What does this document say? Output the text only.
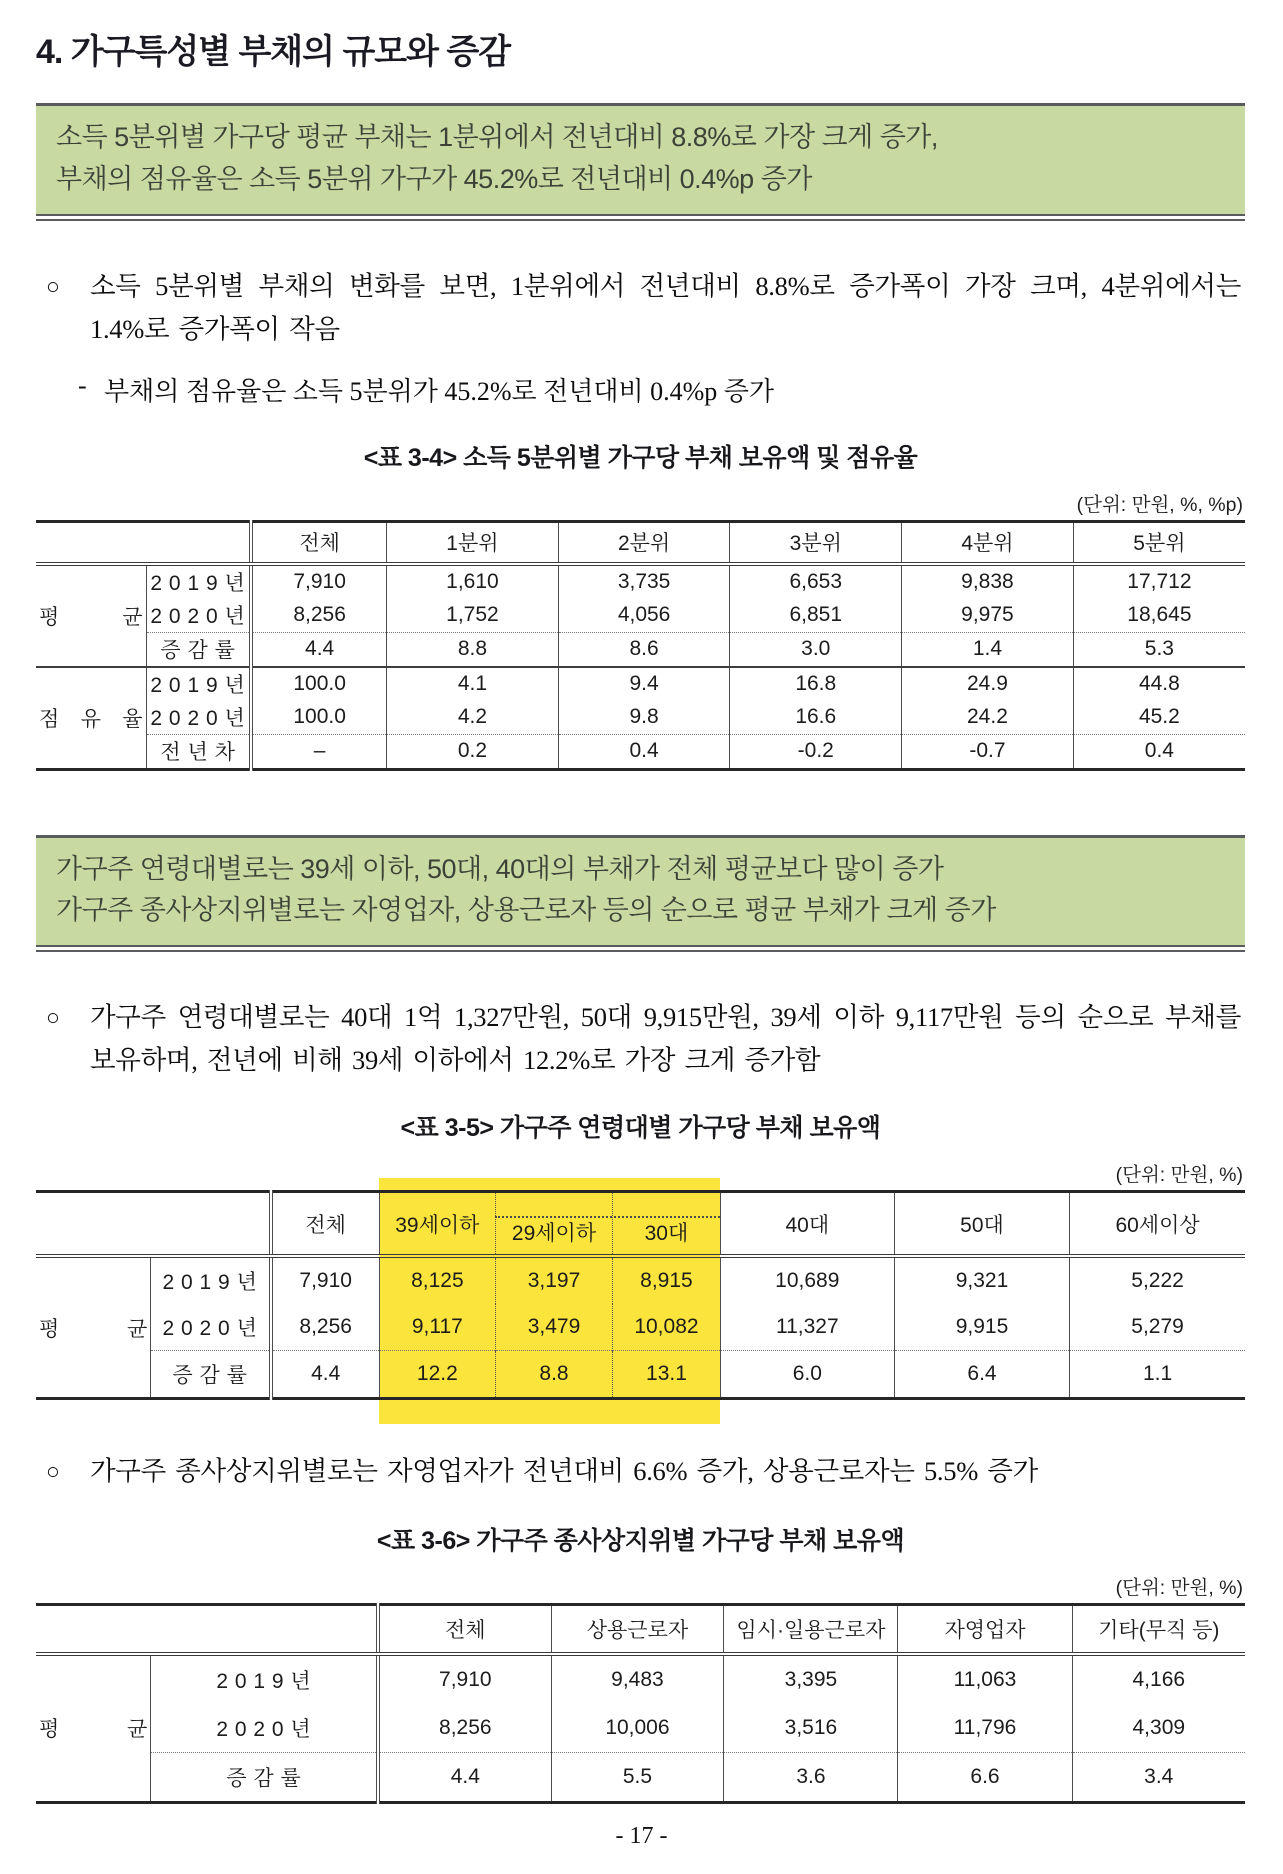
4. 가구특성별 부채의 규모와 증감
소득 5분위별 가구당 평균 부채는 1분위에서 전년대비 8.8%로 가장 크게 증가,
부채의 점유율은 소득 5분위 가구가 45.2%로 전년대비 0.4%p 증가
○	소득 5분위별 부채의 변화를 보면, 1분위에서 전년대비 8.8%로 증가폭이 가장 크며, 4분위에서는 1.4%로 증가폭이 작음
- 부채의 점유율은 소득 5분위가 45.2%로 전년대비 0.4%p 증가
<표 3-4> 소득 5분위별 가구당 부채 보유액 및 점유율
(단위: 만원, %, %p)
		전체	1분위	2분위	3분위	4분위	5분위
평 균	2 0 1 9 년	7,910	1,610	3,735	6,653	9,838	17,712
	2 0 2 0 년	8,256	1,752	4,056	6,851	9,975	18,645
	증 감 률	4.4	8.8	8.6	3.0	1.4	5.3
점 유 율	2 0 1 9 년	100.0	4.1	9.4	16.8	24.9	44.8
	2 0 2 0 년	100.0	4.2	9.8	16.6	24.2	45.2
	전 년 차	–	0.2	0.4	-0.2	-0.7	0.4
가구주 연령대별로는 39세 이하, 50대, 40대의 부채가 전체 평균보다 많이 증가
가구주 종사상지위별로는 자영업자, 상용근로자 등의 순으로 평균 부채가 크게 증가
○	가구주 연령대별로는 40대 1억 1,327만원, 50대 9,915만원, 39세 이하 9,117만원 등의 순으로 부채를 보유하며, 전년에 비해 39세 이하에서 12.2%로 가장 크게 증가함
<표 3-5> 가구주 연령대별 가구당 부채 보유액
(단위: 만원, %)
		전체	39세이하	29세이하	30대	40대	50대	60세이상
평 균	2 0 1 9 년	7,910	8,125	3,197	8,915	10,689	9,321	5,222
	2 0 2 0 년	8,256	9,117	3,479	10,082	11,327	9,915	5,279
	증 감 률	4.4	12.2	8.8	13.1	6.0	6.4	1.1
○	가구주 종사상지위별로는 자영업자가 전년대비 6.6% 증가, 상용근로자는 5.5% 증가
<표 3-6> 가구주 종사상지위별 가구당 부채 보유액
(단위: 만원, %)
		전체	상용근로자	임시·일용근로자	자영업자	기타(무직 등)
평 균	2 0 1 9 년	7,910	9,483	3,395	11,063	4,166
	2 0 2 0 년	8,256	10,006	3,516	11,796	4,309
	증 감 률	4.4	5.5	3.6	6.6	3.4
- 17 -
